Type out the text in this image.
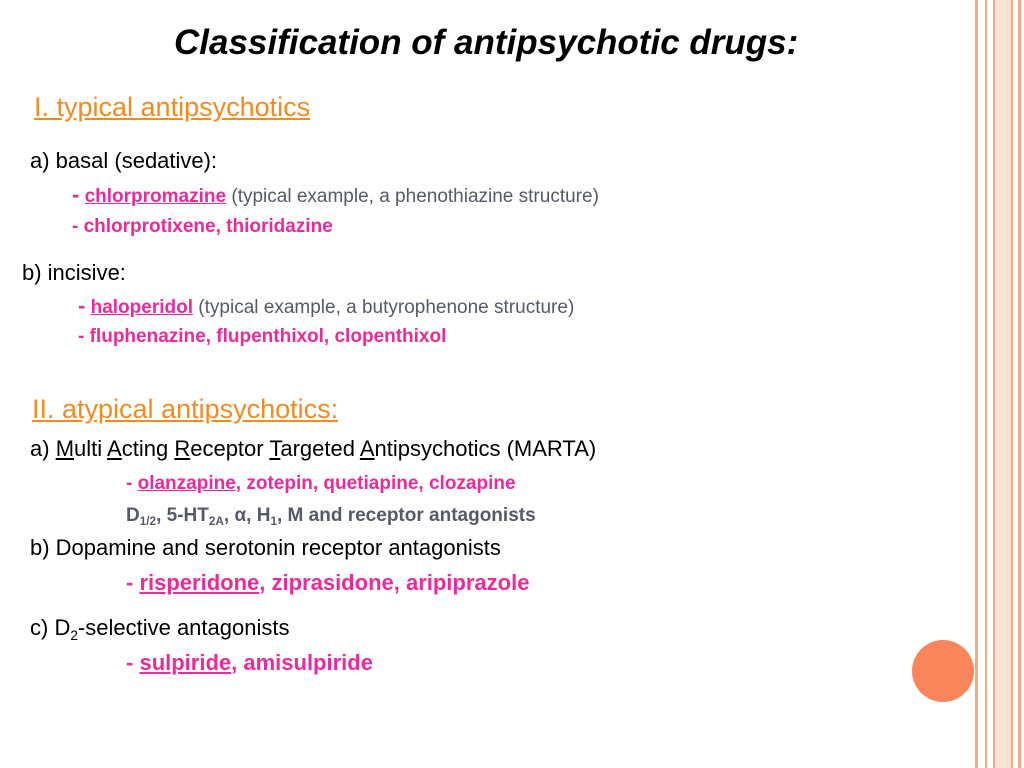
Classification of antipsychotic drugs:
I. typical antipsychotics
a) basal (sedative):
- chlorpromazine (typical example, a phenothiazine structure)
- chlorprotixene, thioridazine
b) incisive:
- haloperidol (typical example, a butyrophenone structure)
- fluphenazine, flupenthixol, clopenthixol
II. atypical antipsychotics:
a) Multi Acting Receptor Targeted Antipsychotics (MARTA)
- olanzapine, zotepin, quetiapine, clozapine
$D_{1/2}$, $5-HT_{2A}$, α, $H_1$, M and receptor antagonists
b) Dopamine and serotonin receptor antagonists
- risperidone, ziprasidone, aripiprazole
c) $D_2$-selective antagonists
- sulpiride, amisulpiride
